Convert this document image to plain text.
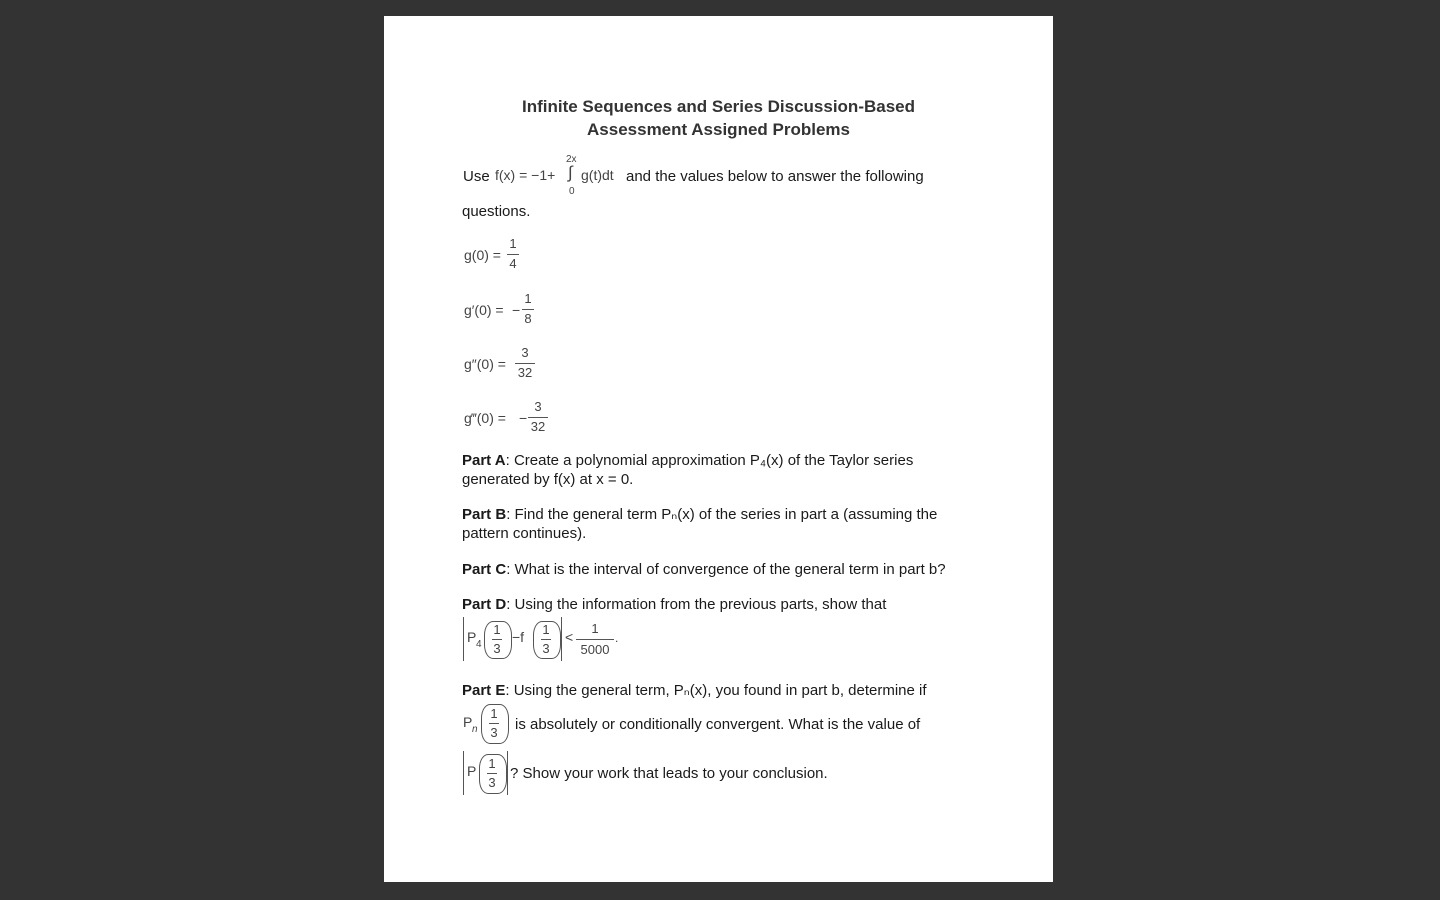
Infinite Sequences and Series Discussion-Based
Assessment Assigned Problems
Use f(x) = −1+
2x
∫
0
g(t)dt and the values below to answer the following
questions.
g(0) =
1
4
g′(0) = −
1
8
g″(0) =
3
32
g‴(0) = −
3
32
Part A: Create a polynomial approximation P₄(x) of the Taylor series
generated by f(x) at x = 0.
Part B: Find the general term Pₙ(x) of the series in part a (assuming the
pattern continues).
Part C: What is the interval of convergence of the general term in part b?
Part D: Using the information from the previous parts, show that
P 4
1
3
−f 1
3
<
1
5000
.
Part E: Using the general term, Pₙ(x), you found in part b, determine if
P n
1
3 is absolutely or conditionally convergent. What is the value of
P 1
3
? Show your work that leads to your conclusion.
